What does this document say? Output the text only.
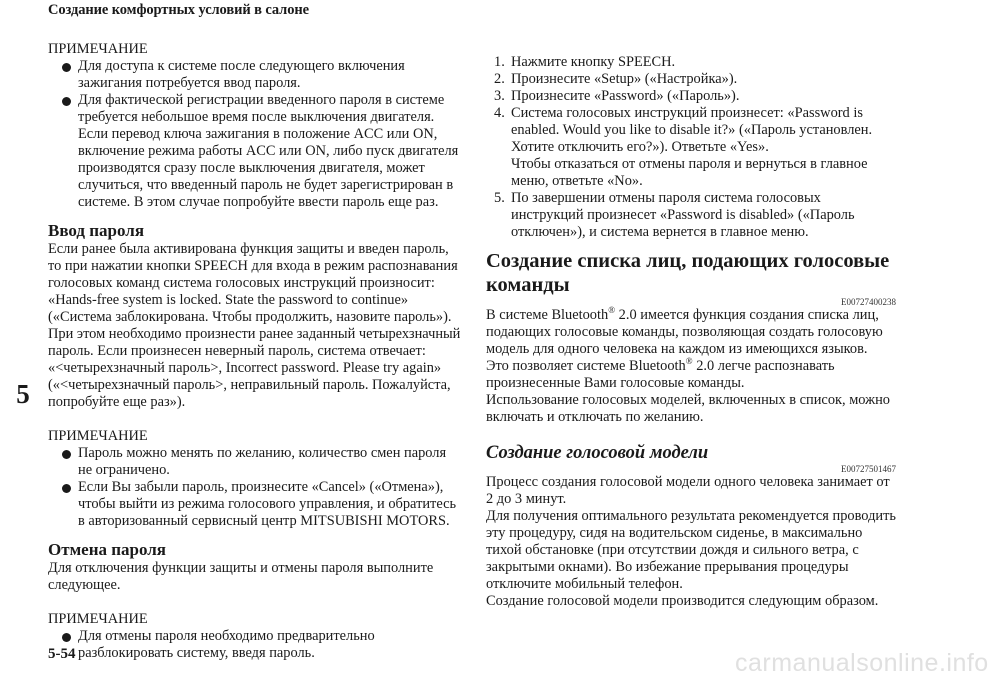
Создание комфортных условий в салоне
5

ПРИМЕЧАНИЕ

Для доступа к системе после следующего включения зажигания потребуется ввод пароля.
Для фактической регистрации введенного пароля в системе требуется небольшое время после выключения двигателя. Если перевод ключа зажигания в положение ACC или ON, включение режима работы ACC или ON, либо пуск двигателя производятся сразу после выключения двигателя, может случиться, что введенный пароль не будет зарегистрирован в системе. В этом случае попробуйте ввести пароль еще раз.
Ввод пароля

Если ранее была активирована функция защиты и введен пароль, то при нажатии кнопки SPEECH для входа в режим распознавания голосовых команд система голосовых инструкций произносит: «Hands-free system is locked. State the password to continue» («Система заблокирована. Чтобы продолжить, назовите пароль»). При этом необходимо произнести ранее заданный четырехзначный пароль. Если произнесен неверный пароль, система отвечает: «<четырехзначный пароль>, Incorrect password. Please try again» («<четырехзначный пароль>, неправильный пароль. Пожалуйста, попробуйте еще раз»).

ПРИМЕЧАНИЕ

Пароль можно менять по желанию, количество смен пароля не ограничено.
Если Вы забыли пароль, произнесите «Cancel» («Отмена»), чтобы выйти из режима голосового управления, и обратитесь в авторизованный сервисный центр MITSUBISHI MOTORS.
Отмена пароля

Для отключения функции защиты и отмены пароля выполните следующее.

ПРИМЕЧАНИЕ

Для отмены пароля необходимо предварительно разблокировать систему, введя пароль.
1. Нажмите кнопку SPEECH.
2. Произнесите «Setup» («Настройка»).
3. Произнесите «Password» («Пароль»).
4. Система голосовых инструкций произнесет: «Password is enabled. Would you like to disable it?» («Пароль установлен. Хотите отключить его?»). Ответьте «Yes».
Чтобы отказаться от отмены пароля и вернуться в главное меню, ответьте «No».
5. По завершении отмены пароля система голосовых инструкций произнесет «Password is disabled» («Пароль отключен»), и система вернется в главное меню.
Создание списка лиц, подающих голосовые команды
E00727400238

В системе Bluetooth® 2.0 имеется функция создания списка лиц, подающих голосовые команды, позволяющая создать голосовую модель для одного человека на каждом из имеющихся языков.

Это позволяет системе Bluetooth® 2.0 легче распознавать произнесенные Вами голосовые команды.

Использование голосовых моделей, включенных в список, можно включать и отключать по желанию.

Создание голосовой модели
E00727501467

Процесс создания голосовой модели одного человека занимает от 2 до 3 минут.

Для получения оптимального результата рекомендуется проводить эту процедуру, сидя на водительском сиденье, в максимально тихой обстановке (при отсутствии дождя и сильного ветра, с закрытыми окнами). Во избежание прерывания процедуры отключите мобильный телефон.

Создание голосовой модели производится следующим образом.

5-54	carmanualsonline.info
